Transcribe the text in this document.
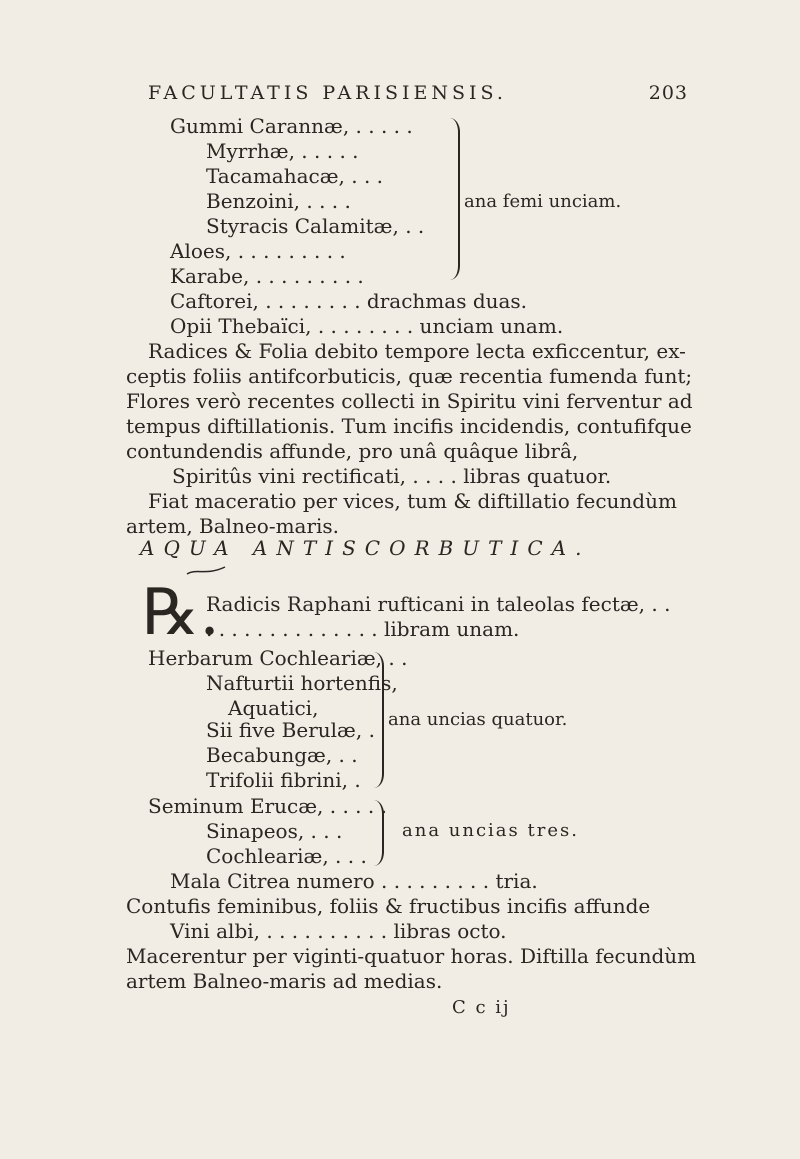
FACULTATIS PARISIENSIS.	203
Gummi Carannæ, . . . . .
Myrrhæ, . . . . .
Tacamahacæ, . . .
Benzoini, . . . .
Styracis Calamitæ, . .
Aloes, . . . . . . . . .
Karabe, . . . . . . . . .
ana femi unciam.
Caftorei, . . . . . . . . drachmas duas.
Opii Thebaïci, . . . . . . . . unciam unam.
Radices & Folia debito tempore lecta exficcentur, ex-
ceptis foliis antifcorbuticis, quæ recentia fumenda funt;
Flores verò recentes collecti in Spiritu vini ferventur ad
tempus diftillationis. Tum incifis incidendis, contufifque
contundendis affunde, pro unâ quâque librâ,
Spiritûs vini rectificati, . . . . libras quatuor.
Fiat maceratio per vices, tum & diftillatio fecundùm
artem, Balneo-maris.
AQUA ANTISCORBUTICA.
℞.
Radicis Raphani rufticani in taleolas fectæ, . .
. . . . . . . . . . . . . . libram unam.
Herbarum Cochleariæ, . .
Nafturtii hortenfis,
Aquatici,
Sii five Berulæ, .
Becabungæ, . .
Trifolii fibrini, .
ana uncias quatuor.
Seminum Erucæ, . . . . .
Sinapeos, . . .
Cochleariæ, . . .
ana uncias tres.
Mala Citrea numero . . . . . . . . . tria.
Contufis feminibus, foliis & fructibus incifis affunde
Vini albi, . . . . . . . . . . libras octo.
Macerentur per viginti-quatuor horas. Diftilla fecundùm
artem Balneo-maris ad medias.
C c ij
